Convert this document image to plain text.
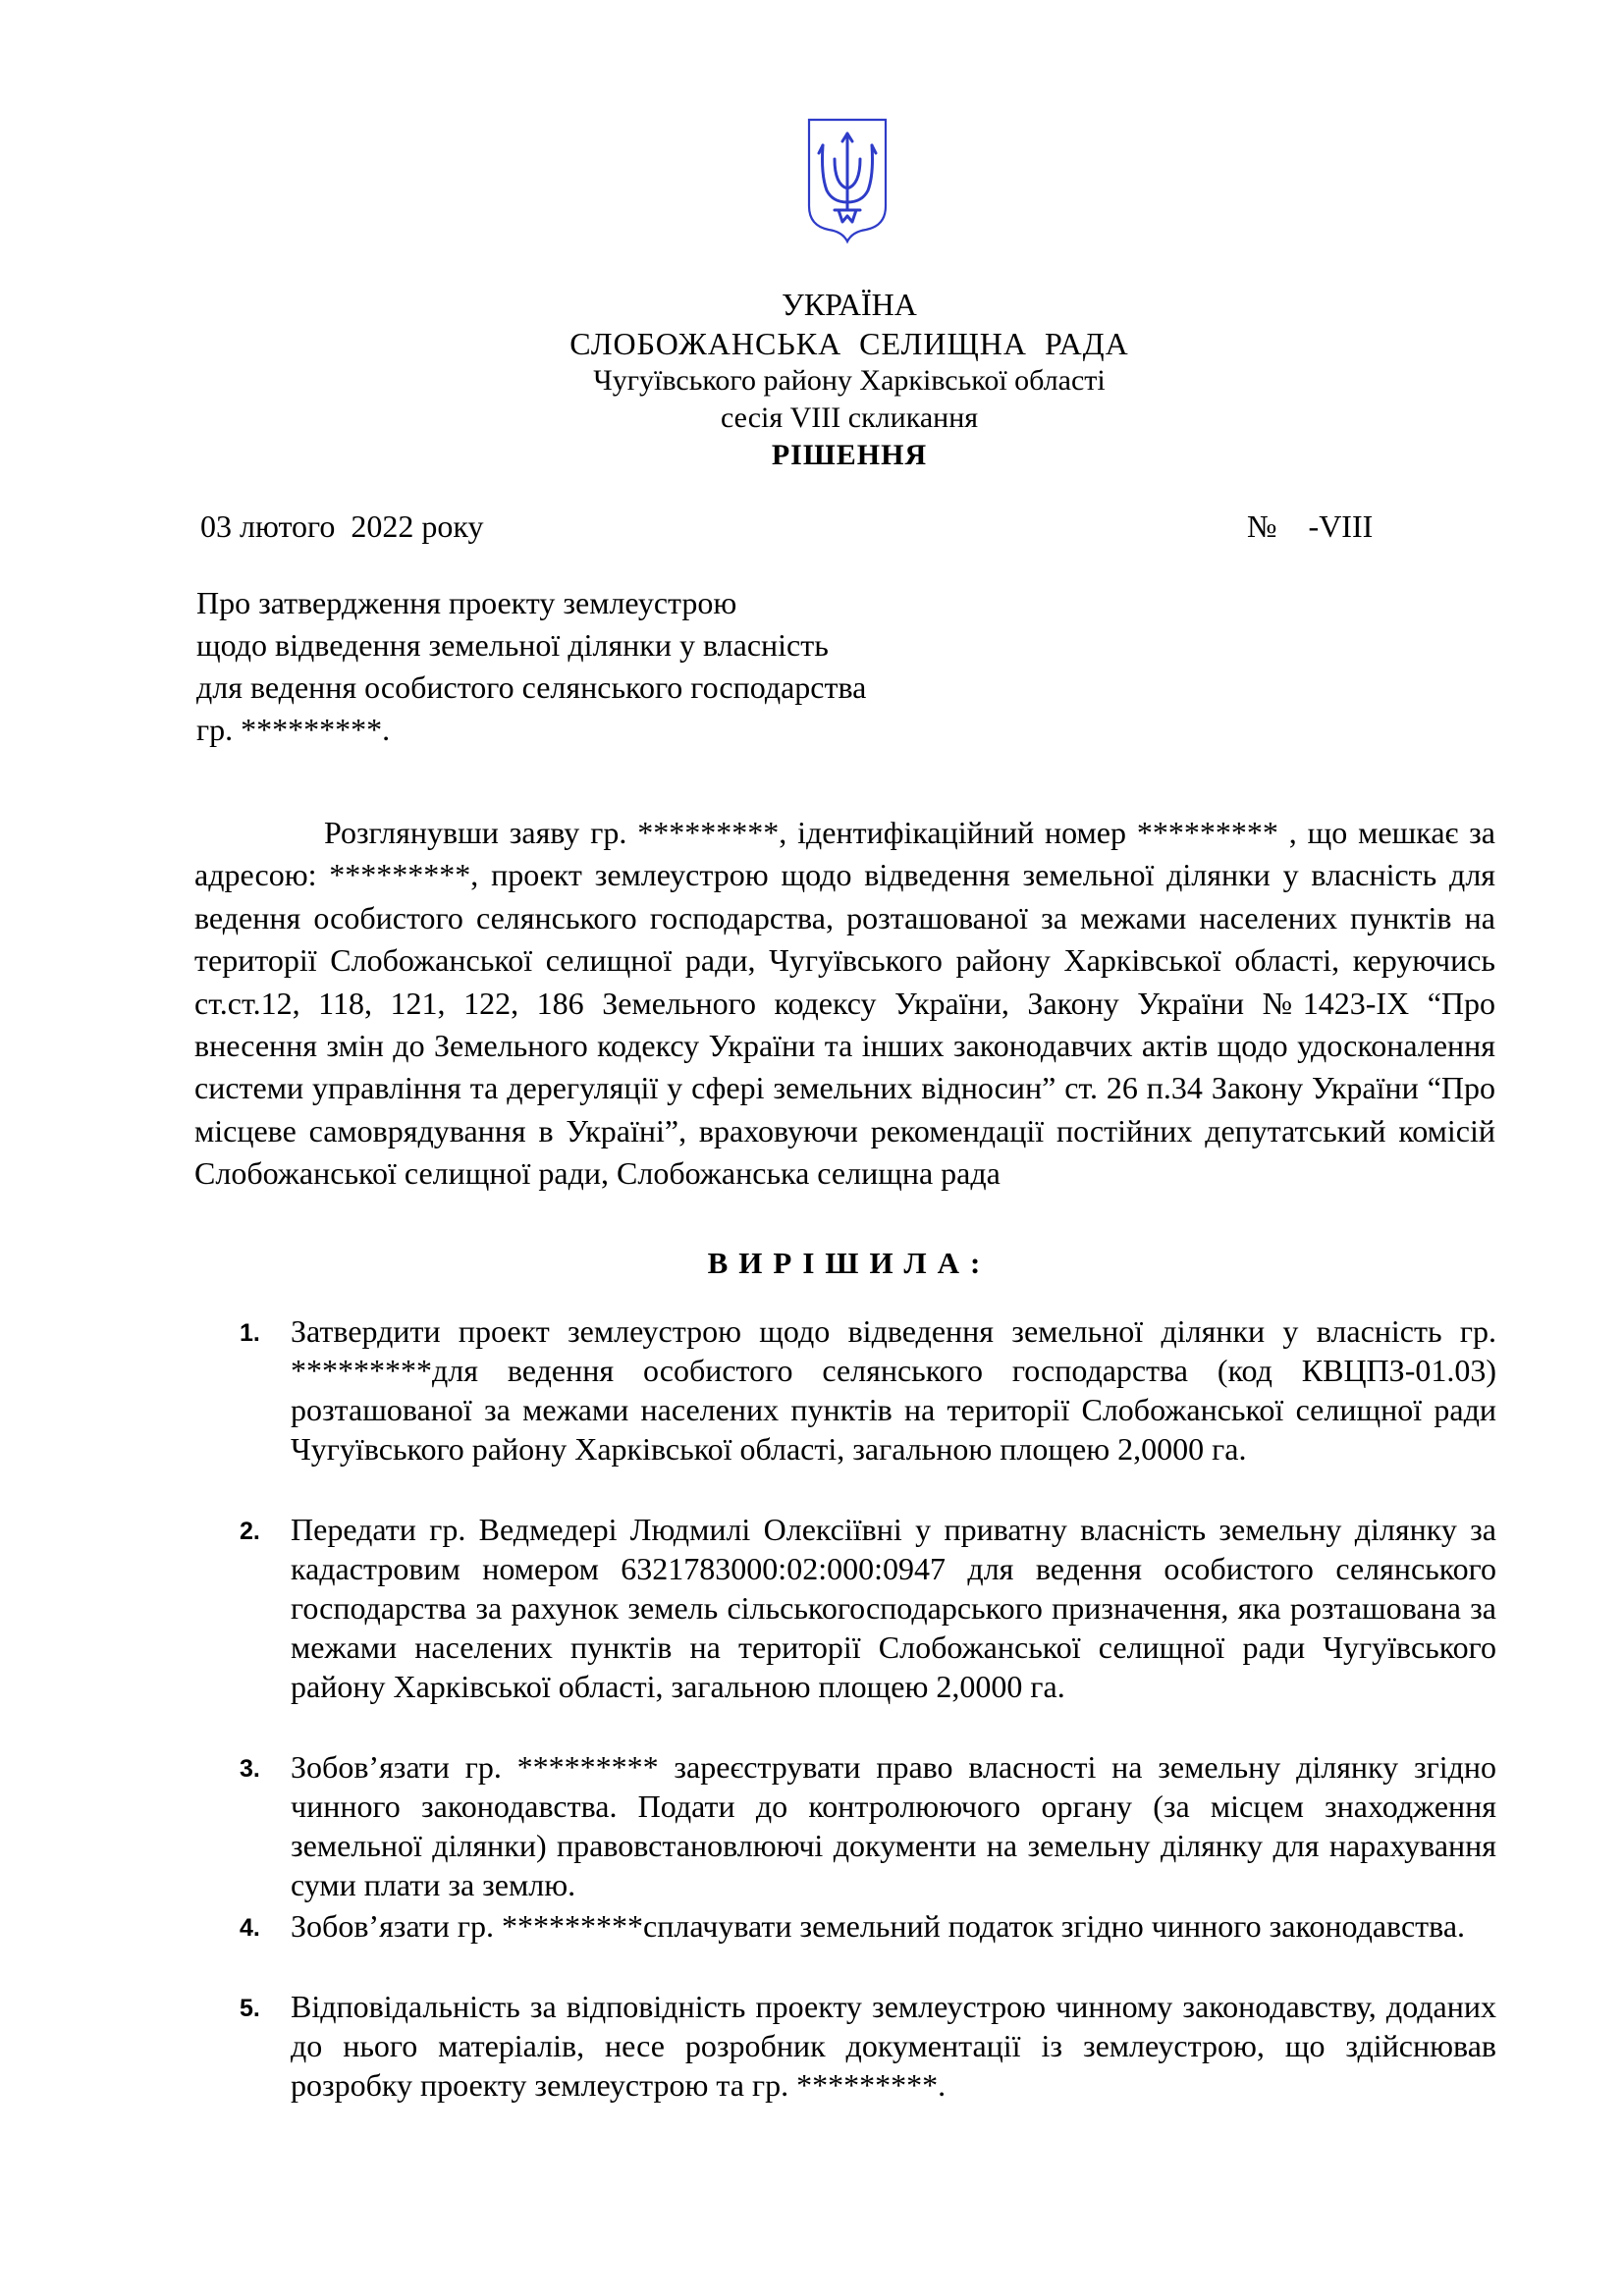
УКРАЇНА
СЛОБОЖАНСЬКА  СЕЛИЩНА  РАДА
Чугуївського району Харківської області
сесія VIII скликання
РІШЕННЯ
03 лютого  2022 року	№    -VIII
Про затвердження проекту землеустрою
щодо відведення земельної ділянки у власність
для ведення особистого селянського господарства
гр. *********.

Розглянувши заяву гр. *********, ідентифікаційний номер ********* , що мешкає за адресою: *********, проект землеустрою щодо відведення земельної ділянки у власність для ведення особистого селянського господарства, розташованої за межами населених пунктів на території Слобожанської селищної ради, Чугуївського району Харківської області, керуючись ст.ст.12, 118, 121, 122, 186 Земельного кодексу України, Закону України №1423-IX “Про внесення змін до Земельного кодексу України та інших законодавчих актів щодо удосконалення системи управління та дерегуляції у сфері земельних відносин” ст. 26 п.34 Закону України “Про місцеве самоврядування в Україні”, враховуючи рекомендації постійних депутатський комісій Слобожанської селищної ради, Слобожанська селищна рада

ВИРІШИЛА:
1. Затвердити проект землеустрою щодо відведення земельної ділянки у власність гр. *********для ведення особистого селянського господарства (код КВЦПЗ-01.03) розташованої за межами населених пунктів на території Слобожанської селищної ради Чугуївського району Харківської області, загальною площею 2,0000 га.
2. Передати гр. Ведмедері Людмилі Олексіївні у приватну власність земельну ділянку за кадастровим номером 6321783000:02:000:0947 для ведення особистого селянського господарства за рахунок земель сільськогосподарського призначення, яка розташована за межами населених пунктів на території Слобожанської селищної ради Чугуївського району Харківської області, загальною площею 2,0000 га.
3. Зобов’язати гр. ********* зареєструвати право власності на земельну ділянку згідно чинного законодавства. Подати до контролюючого органу (за місцем знаходження земельної ділянки) правовстановлюючі документи на земельну ділянку для нарахування суми плати за землю.
4. Зобов’язати гр. *********сплачувати земельний податок згідно чинного законодавства.
5. Відповідальність за відповідність проекту землеустрою чинному законодавству, доданих до нього матеріалів, несе розробник документації із землеустрою, що здійснював розробку проекту землеустрою та гр. *********.
